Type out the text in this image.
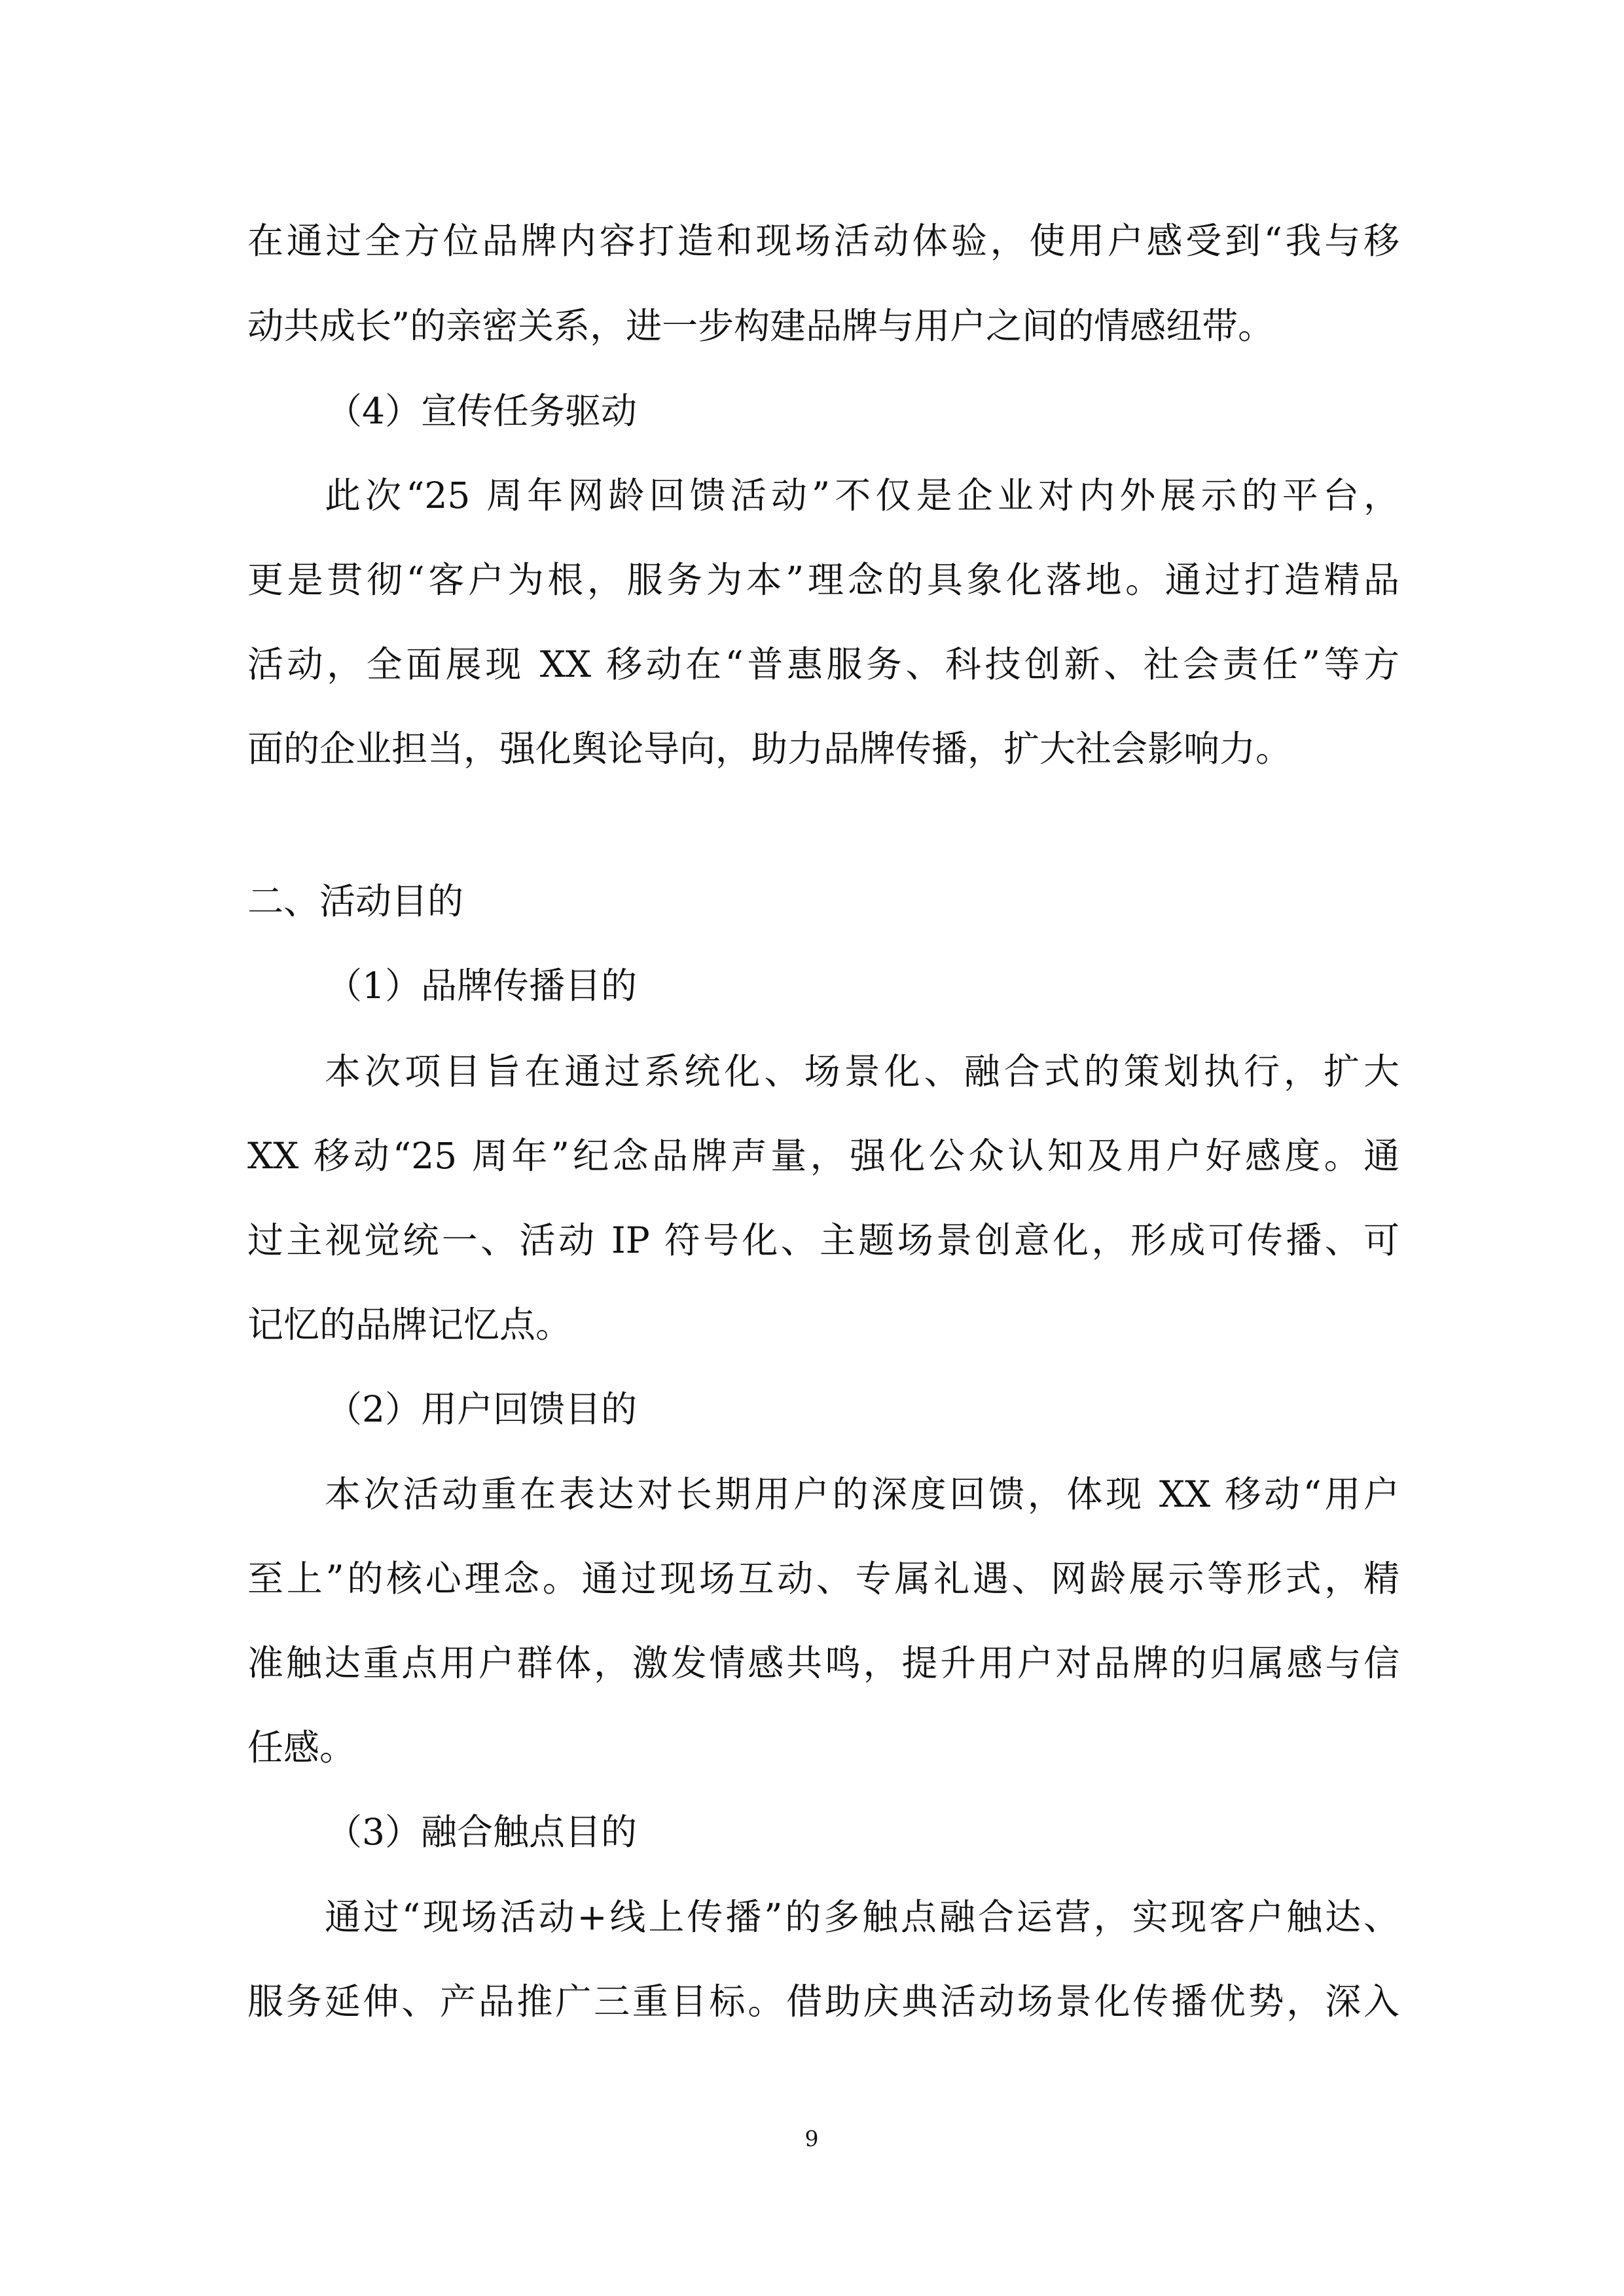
在通过全方位品牌内容打造和现场活动体验，使用户感受到“我与移
动共成长”的亲密关系，进一步构建品牌与用户之间的情感纽带。
（4）宣传任务驱动
此次“25 周年网龄回馈活动”不仅是企业对内外展示的平台，
更是贯彻“客户为根，服务为本”理念的具象化落地。通过打造精品
活动，全面展现 XX 移动在“普惠服务、科技创新、社会责任”等方
面的企业担当，强化舆论导向，助力品牌传播，扩大社会影响力。
二、活动目的
（1）品牌传播目的
本次项目旨在通过系统化、场景化、融合式的策划执行，扩大
XX 移动“25 周年”纪念品牌声量，强化公众认知及用户好感度。通
过主视觉统一、活动 IP 符号化、主题场景创意化，形成可传播、可
记忆的品牌记忆点。
（2）用户回馈目的
本次活动重在表达对长期用户的深度回馈，体现 XX 移动“用户
至上”的核心理念。通过现场互动、专属礼遇、网龄展示等形式，精
准触达重点用户群体，激发情感共鸣，提升用户对品牌的归属感与信
任感。
（3）融合触点目的
通过“现场活动+线上传播”的多触点融合运营，实现客户触达、
服务延伸、产品推广三重目标。借助庆典活动场景化传播优势，深入
9
